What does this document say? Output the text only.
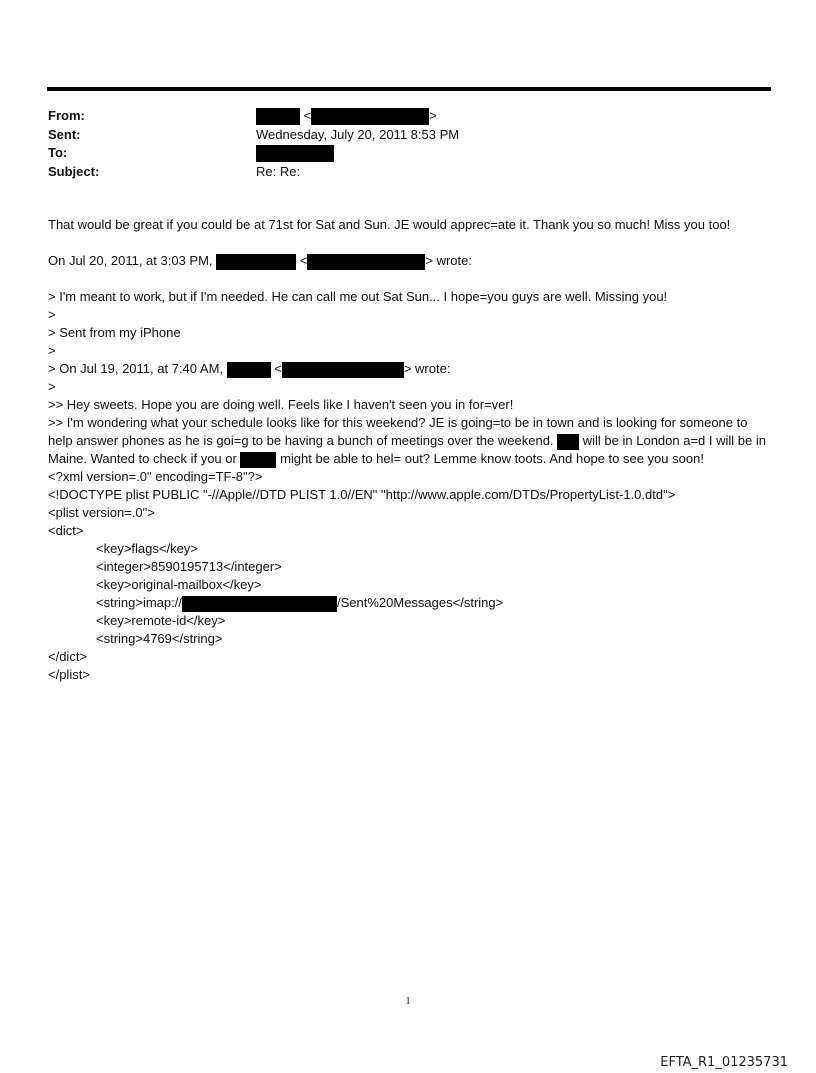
From:	<	>
Sent:	Wednesday, July 20, 2011 8:53 PM
To:
Subject:	Re: Re:
That would be great if you could be at 71st for Sat and Sun. JE would apprec=ate it. Thank you so much! Miss you too!
On Jul 20, 2011, at 3:03 PM,	<	> wrote:
> I'm meant to work, but if I'm needed. He can call me out Sat Sun... I hope=you guys are well. Missing you!
>
> Sent from my iPhone
>
> On Jul 19, 2011, at 7:40 AM,	<	> wrote:
>
>> Hey sweets. Hope you are doing well. Feels like I haven't seen you in for=ver!
>> I'm wondering what your schedule looks like for this weekend? JE is going=to be in town and is looking for someone to help answer phones as he is goi=g to be having a bunch of meetings over the weekend.  will be in London a=d I will be in Maine. Wanted to check if you or	might be able to hel= out? Lemme know toots. And hope to see you soon!
<?xml version=.0" encoding=TF-8"?>
<!DOCTYPE plist PUBLIC "-//Apple//DTD PLIST 1.0//EN" "http://www.apple.com/DTDs/PropertyList-1.0.dtd">
<plist version=.0">
<dict>
<key>flags</key>
<integer>8590195713</integer>
<key>original-mailbox</key>
<string>imap://	/Sent%20Messages</string>
<key>remote-id</key>
<string>4769</string>
</dict>
</plist>
1
EFTA_R1_01235731
